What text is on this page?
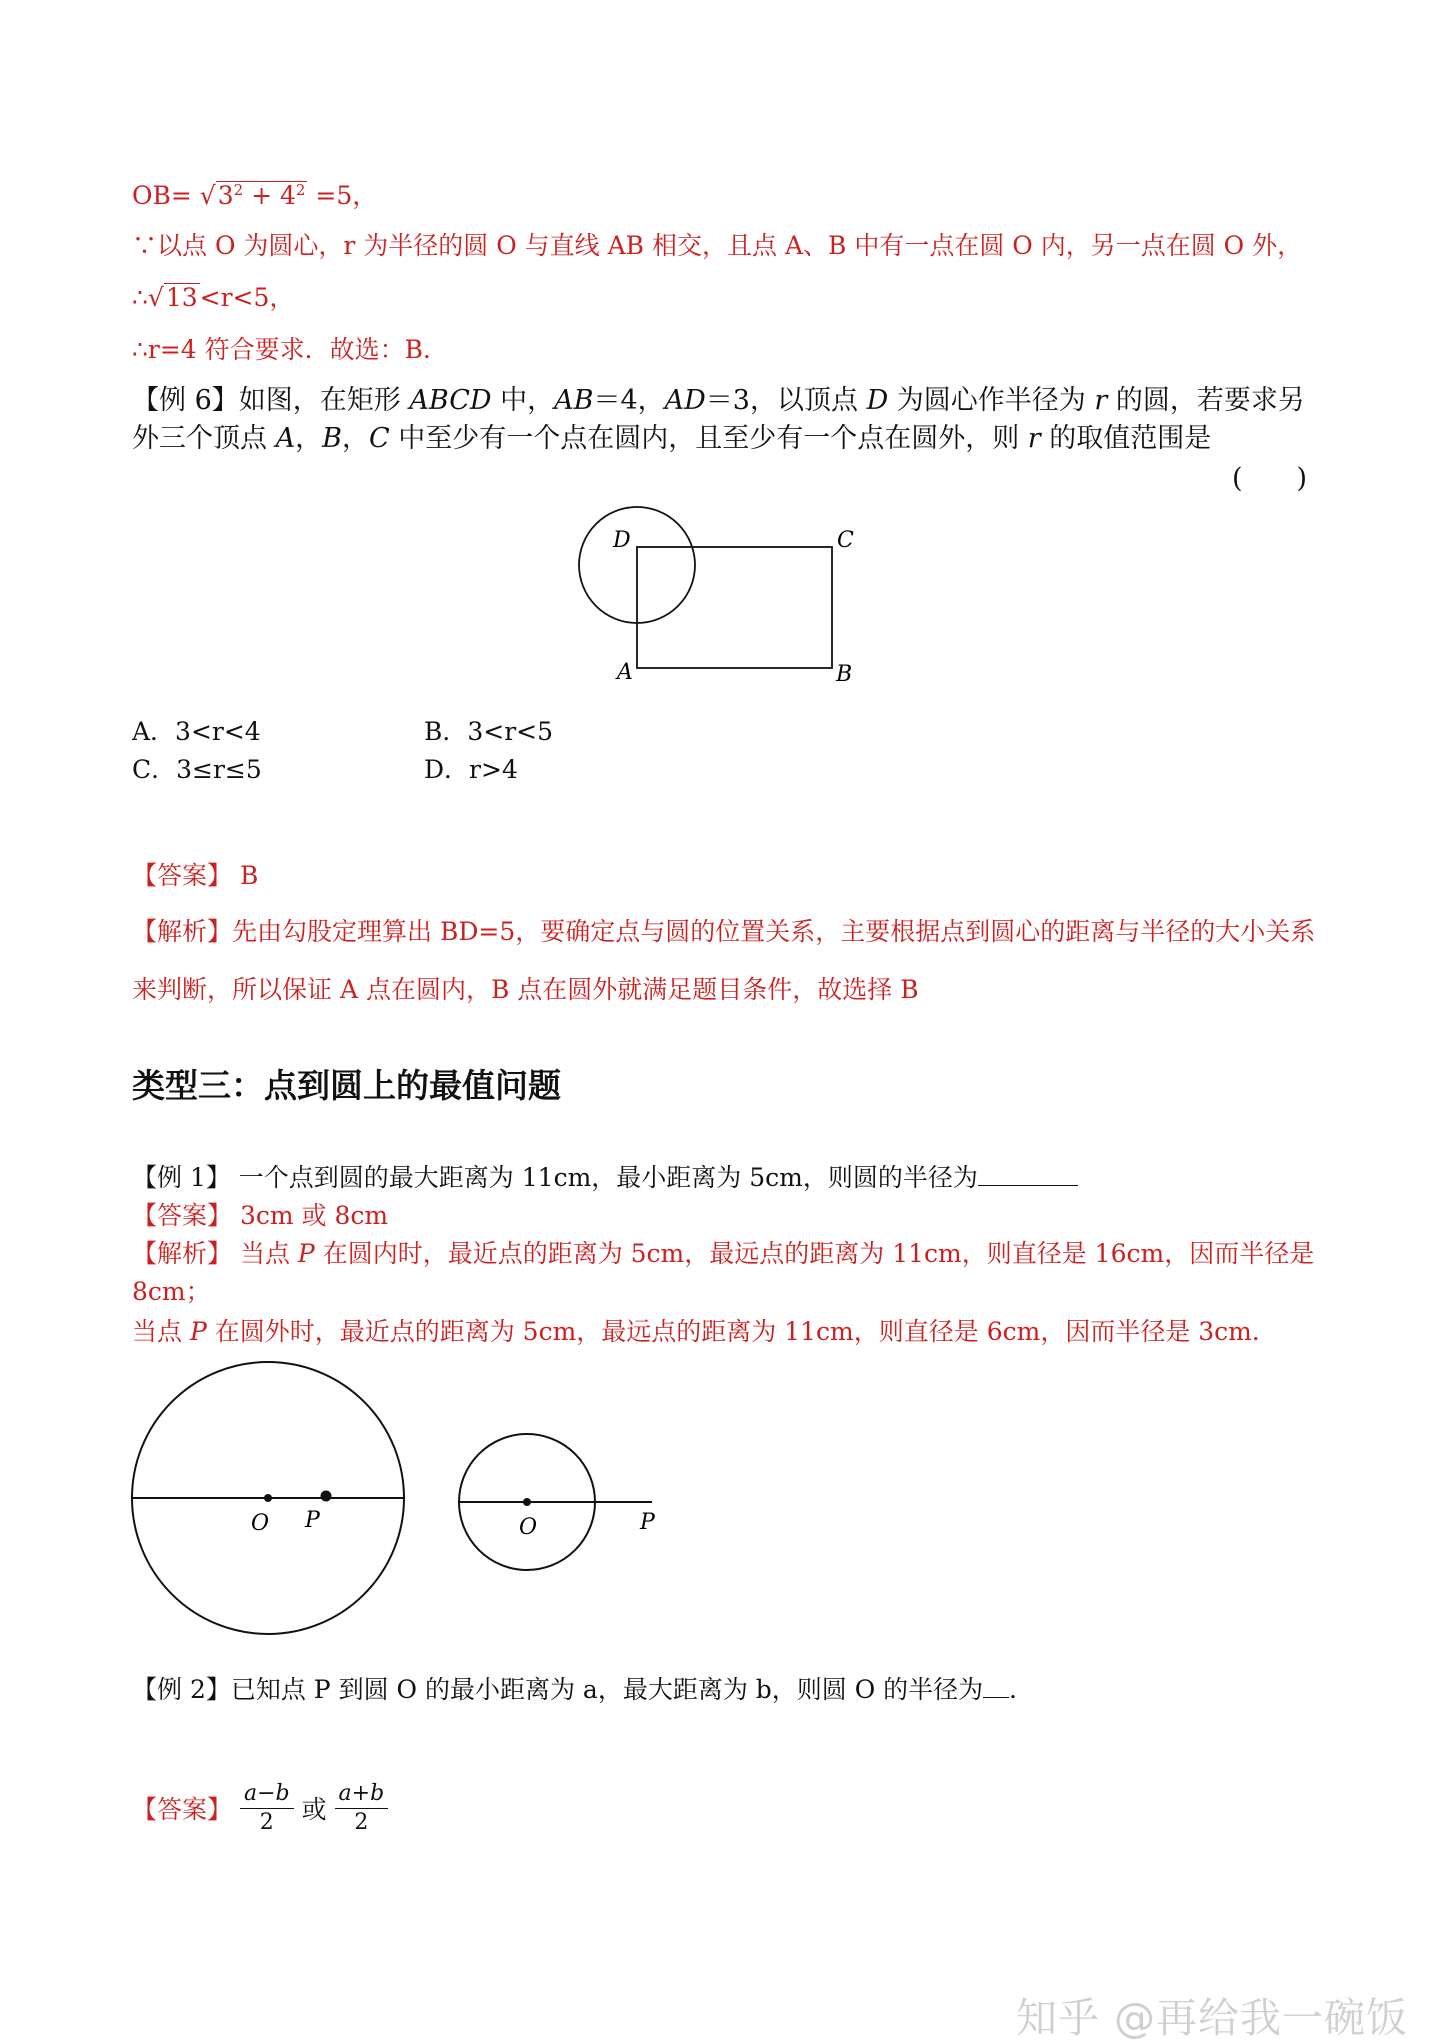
$OB= √3^2 + 4^2 =5$，
∵以点 O 为圆心，r 为半径的圆 O 与直线 AB 相交，且点 A、B 中有一点在圆 O 内，另一点在圆 O 外，
∴√13<r<5，
∴r=4 符合要求．故选：B．
【例 6】如图，在矩形 ABCD 中，AB＝4，AD＝3，以顶点 D 为圆心作半径为 r 的圆，若要求另
外三个顶点 A，B，C 中至少有一个点在圆内，且至少有一个点在圆外，则 r 的取值范围是
(　　)
D	C
A	B
A．3<r<4	B．3<r<5
C．3≤r≤5	D．r>4
【答案】 B
【解析】先由勾股定理算出 BD=5，要确定点与圆的位置关系，主要根据点到圆心的距离与半径的大小关系
来判断，所以保证 A 点在圆内，B 点在圆外就满足题目条件，故选择 B
类型三：点到圆上的最值问题
【例 1】 一个点到圆的最大距离为 11cm，最小距离为 5cm，则圆的半径为
【答案】 3cm 或 8cm
【解析】 当点 P 在圆内时，最近点的距离为 5cm，最远点的距离为 11cm，则直径是 16cm，因而半径是
8cm；
当点 P 在圆外时，最近点的距离为 5cm，最远点的距离为 11cm，则直径是 6cm，因而半径是 3cm．
O P	O	P
【例 2】已知点 P 到圆 O 的最小距离为 a，最大距离为 b，则圆 O 的半径为 ．
【答案】 $\frac{a-b}{2}$ 或 $\frac{a+b}{2}$
知乎 @再给我一碗饭
